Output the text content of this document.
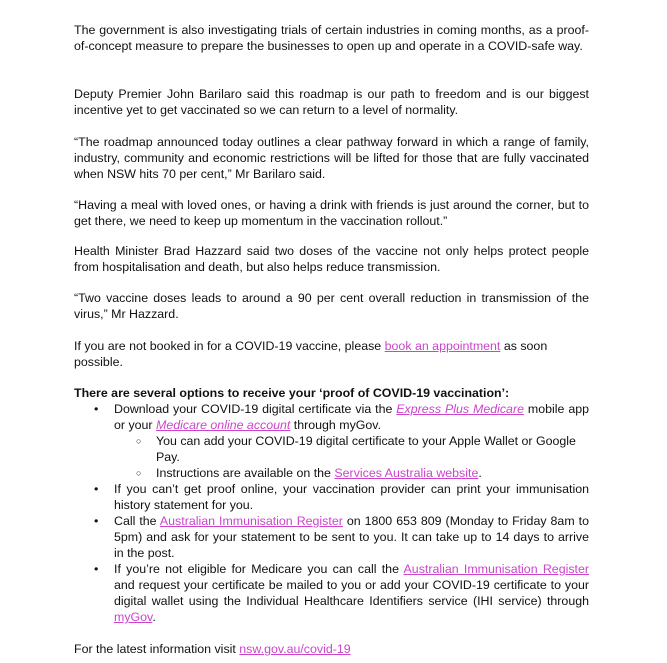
The government is also investigating trials of certain industries in coming months, as a proof-of-concept measure to prepare the businesses to open up and operate in a COVID-safe way.

Deputy Premier John Barilaro said this roadmap is our path to freedom and is our biggest incentive yet to get vaccinated so we can return to a level of normality.

“The roadmap announced today outlines a clear pathway forward in which a range of family, industry, community and economic restrictions will be lifted for those that are fully vaccinated when NSW hits 70 per cent,” Mr Barilaro said.

“Having a meal with loved ones, or having a drink with friends is just around the corner, but to get there, we need to keep up momentum in the vaccination rollout.”

Health Minister Brad Hazzard said two doses of the vaccine not only helps protect people from hospitalisation and death, but also helps reduce transmission.

“Two vaccine doses leads to around a 90 per cent overall reduction in transmission of the virus,” Mr Hazzard.

If you are not booked in for a COVID-19 vaccine, please book an appointment as soon possible.

There are several options to receive your ‘proof of COVID-19 vaccination’:

• Download your COVID-19 digital certificate via the Express Plus Medicare mobile app or your Medicare online account through myGov.
○ You can add your COVID-19 digital certificate to your Apple Wallet or Google Pay.
○ Instructions are available on the Services Australia website.
• If you can’t get proof online, your vaccination provider can print your immunisation history statement for you.
• Call the Australian Immunisation Register on 1800 653 809 (Monday to Friday 8am to 5pm) and ask for your statement to be sent to you. It can take up to 14 days to arrive in the post.
• If you’re not eligible for Medicare you can call the Australian Immunisation Register and request your certificate be mailed to you or add your COVID-19 certificate to your digital wallet using the Individual Healthcare Identifiers service (IHI service) through myGov.

For the latest information visit nsw.gov.au/covid-19
